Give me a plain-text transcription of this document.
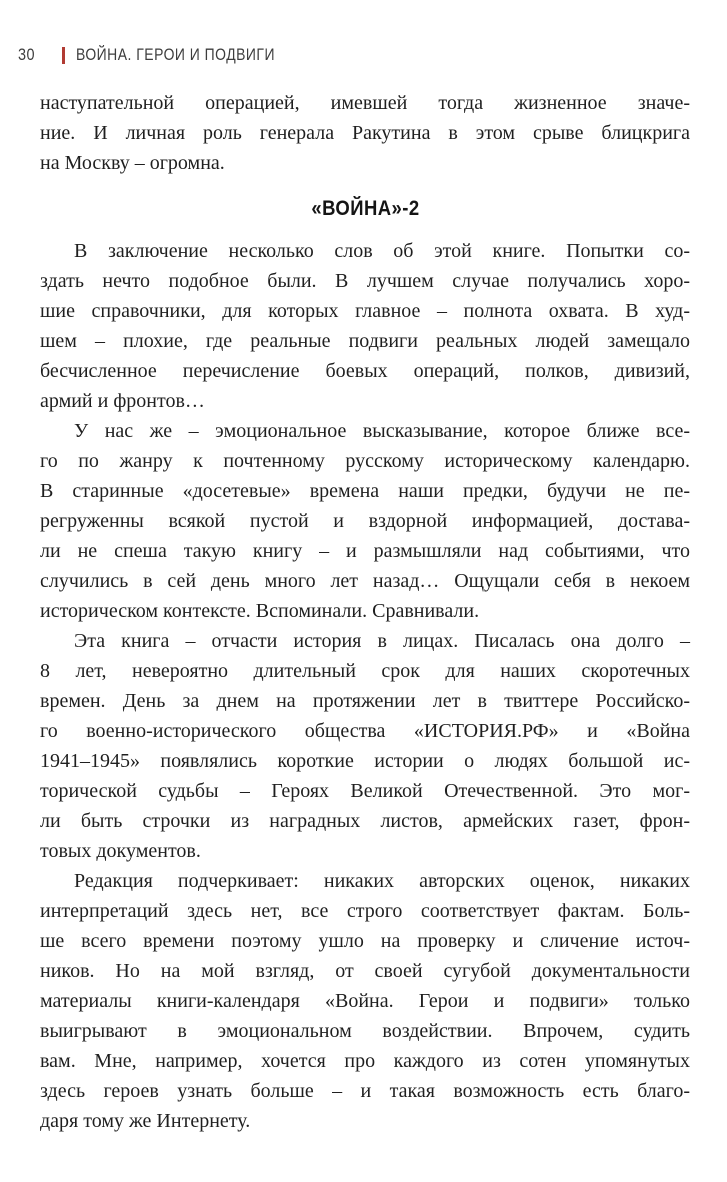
30 ВОЙНА. ГЕРОИ И ПОДВИГИ
наступательной операцией, имевшей тогда жизненное значе-
ние. И личная роль генерала Ракутина в этом срыве блицкрига
на Москву – огромна.
«ВОЙНА»-2
В заключение несколько слов об этой книге. Попытки со-
здать нечто подобное были. В лучшем случае получались хоро-
шие справочники, для которых главное – полнота охвата. В худ-
шем – плохие, где реальные подвиги реальных людей замещало
бесчисленное перечисление боевых операций, полков, дивизий,
армий и фронтов…
У нас же – эмоциональное высказывание, которое ближе все-
го по жанру к почтенному русскому историческому календарю.
В старинные «досетевые» времена наши предки, будучи не пе-
регруженны всякой пустой и вздорной информацией, достава-
ли не спеша такую книгу – и размышляли над событиями, что
случились в сей день много лет назад… Ощущали себя в некоем
историческом контексте. Вспоминали. Сравнивали.
Эта книга – отчасти история в лицах. Писалась она долго –
8 лет, невероятно длительный срок для наших скоротечных
времен. День за днем на протяжении лет в твиттере Российско-
го военно-исторического общества «ИСТОРИЯ.РФ» и «Война
1941–1945» появлялись короткие истории о людях большой ис-
торической судьбы – Героях Великой Отечественной. Это мог-
ли быть строчки из наградных листов, армейских газет, фрон-
товых документов.
Редакция подчеркивает: никаких авторских оценок, никаких
интерпретаций здесь нет, все строго соответствует фактам. Боль-
ше всего времени поэтому ушло на проверку и сличение источ-
ников. Но на мой взгляд, от своей сугубой документальности
материалы книги-календаря «Война. Герои и подвиги» только
выигрывают в эмоциональном воздействии. Впрочем, судить
вам. Мне, например, хочется про каждого из сотен упомянутых
здесь героев узнать больше – и такая возможность есть благо-
даря тому же Интернету.
